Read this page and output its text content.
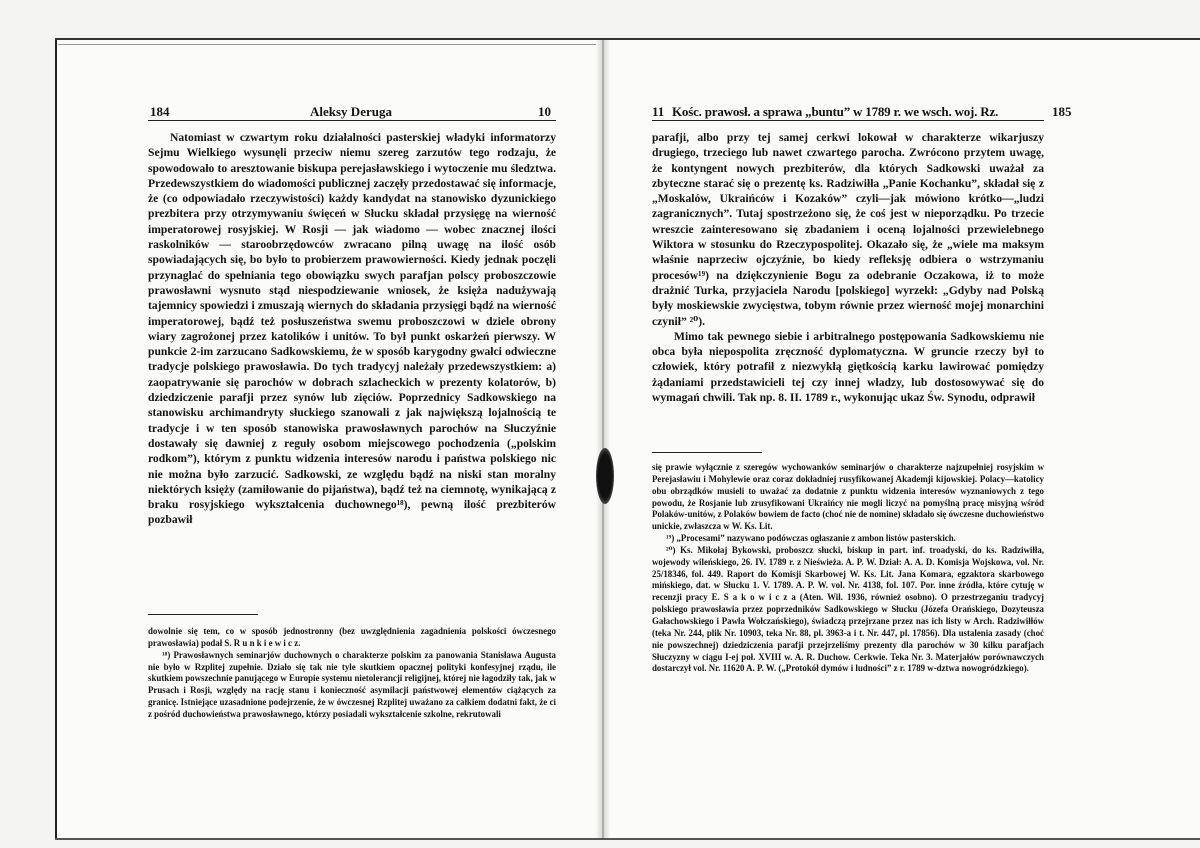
184	Aleksy Deruga	10

Natomiast w czwartym roku działalności pasterskiej władyki informatorzy Sejmu Wielkiego wysunęli przeciw niemu szereg zarzutów tego rodzaju, że spowodowało to aresztowanie biskupa perejasławskiego i wytoczenie mu śledztwa. Przedewszystkiem do wiadomości publicznej zaczęły przedostawać się informacje, że (co odpowiadało rzeczywistości) każdy kandydat na stanowisko dyzunickiego prezbitera przy otrzymywaniu święceń w Słucku składał przysięgę na wierność imperatorowej rosyjskiej. W Rosji — jak wiadomo — wobec znacznej ilości raskolników — staroobrzędowców zwracano pilną uwagę na ilość osób spowiadających się, bo było to probierzem prawowierności. Kiedy jednak poczęli przynaglać do spełniania tego obowiązku swych parafjan polscy proboszczowie prawosławni wysnuto stąd niespodziewanie wniosek, że księża nadużywają tajemnicy spowiedzi i zmuszają wiernych do składania przysięgi bądź na wierność imperatorowej, bądź też posłuszeństwa swemu proboszczowi w dziele obrony wiary zagrożonej przez katolików i unitów. To był punkt oskarżeń pierwszy. W punkcie 2-im zarzucano Sadkowskiemu, że w sposób karygodny gwałci odwieczne tradycje polskiego prawosławia. Do tych tradycyj należały przedewszystkiem: a) zaopatrywanie się parochów w dobrach szlacheckich w prezenty kolatorów, b) dziedziczenie parafji przez synów lub zięciów. Poprzednicy Sadkowskiego na stanowisku archimandryty słuckiego szanowali z jak największą lojalnością te tradycje i w ten sposób stanowiska prawosławnych parochów na Słuczyźnie dostawały się dawniej z reguły osobom miejscowego pochodzenia („polskim rodkom”), którym z punktu widzenia interesów narodu i państwa polskiego nic nie można było zarzucić. Sadkowski, ze względu bądź na niski stan moralny niektórych księży (zamiłowanie do pijaństwa), bądź też na ciemnotę, wynikającą z braku rosyjskiego wykształcenia duchownego¹⁸), pewną ilość prezbiterów pozbawił

dowolnie się tem, co w sposób jednostronny (bez uwzględnienia zagadnienia polskości ówczesnego prawosławia) podał S. R u n k i e w i c z.

¹⁸) Prawosławnych seminarjów duchownych o charakterze polskim za panowania Stanisława Augusta nie było w Rzplitej zupełnie. Działo się tak nie tyle skutkiem opacznej polityki konfesyjnej rządu, ile skutkiem powszechnie panującego w Europie systemu nietolerancji religijnej, której nie łagodziły tak, jak w Prusach i Rosji, względy na rację stanu i konieczność asymilacji państwowej elementów ciążących za granicę. Istniejące uzasadnione podejrzenie, że w ówczesnej Rzplitej uważano za całkiem dodatni fakt, że ci z pośród duchowieństwa prawosławnego, którzy posiadali wykształcenie szkolne, rekrutowali

11 Kośc. prawosł. a sprawa „buntu” w 1789 r. we wsch. woj. Rz.	185

parafji, albo przy tej samej cerkwi lokował w charakterze wikarjuszy drugiego, trzeciego lub nawet czwartego parocha. Zwrócono przytem uwagę, że kontyngent nowych prezbiterów, dla których Sadkowski uważał za zbyteczne starać się o prezentę ks. Radziwiłła „Panie Kochanku”, składał się z „Moskalów, Ukraińców i Kozaków” czyli—jak mówiono krótko—„ludzi zagranicznych”. Tutaj spostrzeżono się, że coś jest w nieporządku. Po trzecie wreszcie zainteresowano się zbadaniem i oceną lojalności przewielebnego Wiktora w stosunku do Rzeczypospolitej. Okazało się, że „wiele ma maksym właśnie naprzeciw ojczyźnie, bo kiedy refleksję odbiera o wstrzymaniu procesów¹⁹) na dziękczynienie Bogu za odebranie Oczakowa, iż to może drażnić Turka, przyjaciela Narodu [polskiego] wyrzekł: „Gdyby nad Polską były moskiewskie zwycięstwa, tobym równie przez wierność mojej monarchini czynił” ²⁰).

Mimo tak pewnego siebie i arbitralnego postępowania Sadkowskiemu nie obca była niepospolita zręczność dyplomatyczna. W gruncie rzeczy był to człowiek, który potrafił z niezwykłą giętkością karku lawirować pomiędzy żądaniami przedstawicieli tej czy innej władzy, lub dostosowywać się do wymagań chwili. Tak np. 8. II. 1789 r., wykonując ukaz Św. Synodu, odprawił

się prawie wyłącznie z szeregów wychowanków seminarjów o charakterze najzupełniej rosyjskim w Perejasławiu i Mohylewie oraz coraz dokładniej rusyfikowanej Akademji kijowskiej. Polacy—katolicy obu obrządków musieli to uważać za dodatnie z punktu widzenia interesów wyznaniowych z tego powodu, że Rosjanie lub zrusyfikowani Ukraińcy nie mogli liczyć na pomyślną pracę misyjną wśród Polaków-unitów, z Polaków bowiem de facto (choć nie de nomine) składało się ówczesne duchowieństwo unickie, zwłaszcza w W. Ks. Lit.

¹⁹) „Procesami” nazywano podówczas ogłaszanie z ambon listów pasterskich.

²⁰) Ks. Mikołaj Bykowski, proboszcz słucki, biskup in part. inf. troadyski, do ks. Radziwiłła, wojewody wileńskiego, 26. IV. 1789 r. z Nieświeża. A. P. W. Dział: A. A. D. Komisja Wojskowa, vol. Nr. 25/18346, fol. 449. Raport do Komisji Skarbowej W. Ks. Lit. Jana Komara, egzaktora skarbowego mińskiego, dat. w Słucku 1. V. 1789. A. P. W. vol. Nr. 4138, fol. 107. Por. inne źródła, które cytuję w recenzji pracy E. S a k o w i c z a (Aten. Wil. 1936, również osobno). O przestrzeganiu tradycyj polskiego prawosławia przez poprzedników Sadkowskiego w Słucku (Józefa Orańskiego, Dozyteusza Gałachowskiego i Pawła Wołczańskiego), świadczą przejrzane przez nas ich listy w Arch. Radziwiłłów (teka Nr. 244, plik Nr. 10903, teka Nr. 88, pl. 3963-a i t. Nr. 447, pl. 17856). Dla ustalenia zasady (choć nie powszechnej) dziedziczenia parafji przejrzeliśmy prezenty dla parochów w 30 kilku parafjach Słuczyzny w ciągu I-ej poł. XVIII w. A. R. Duchow. Cerkwie. Teka Nr. 3. Materjałów porównawczych dostarczył vol. Nr. 11620 A. P. W. („Protokół dymów i ludności” z r. 1789 w-dztwa nowogródzkiego).
